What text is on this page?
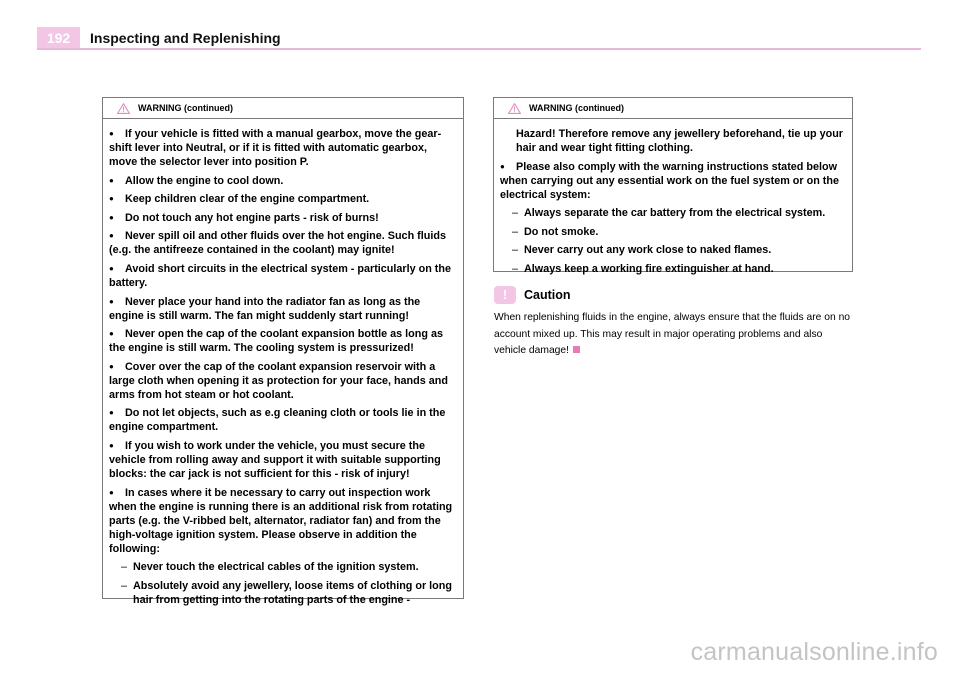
192	Inspecting and Replenishing
WARNING (continued)

● If your vehicle is fitted with a manual gearbox, move the gear-shift lever into Neutral, or if it is fitted with automatic gearbox, move the selector lever into position P.

● Allow the engine to cool down.

● Keep children clear of the engine compartment.

● Do not touch any hot engine parts - risk of burns!

● Never spill oil and other fluids over the hot engine. Such fluids (e.g. the antifreeze contained in the coolant) may ignite!

● Avoid short circuits in the electrical system - particularly on the battery.

● Never place your hand into the radiator fan as long as the engine is still warm. The fan might suddenly start running!

● Never open the cap of the coolant expansion bottle as long as the engine is still warm. The cooling system is pressurized!

● Cover over the cap of the coolant expansion reservoir with a large cloth when opening it as protection for your face, hands and arms from hot steam or hot coolant.

● Do not let objects, such as e.g cleaning cloth or tools lie in the engine compartment.

● If you wish to work under the vehicle, you must secure the vehicle from rolling away and support it with suitable supporting blocks: the car jack is not sufficient for this - risk of injury!

● In cases where it be necessary to carry out inspection work when the engine is running there is an additional risk from rotating parts (e.g. the V-ribbed belt, alternator, radiator fan) and from the high-voltage ignition system. Please observe in addition the following:

– Never touch the electrical cables of the ignition system.

– Absolutely avoid any jewellery, loose items of clothing or long hair from getting into the rotating parts of the engine -

WARNING (continued)

Hazard! Therefore remove any jewellery beforehand, tie up your hair and wear tight fitting clothing.

● Please also comply with the warning instructions stated below when carrying out any essential work on the fuel system or on the electrical system:

– Always separate the car battery from the electrical system.

– Do not smoke.

– Never carry out any work close to naked flames.

– Always keep a working fire extinguisher at hand.

!	Caution
When replenishing fluids in the engine, always ensure that the fluids are on no account mixed up. This may result in major operating problems and also vehicle damage!
carmanualsonline.info
